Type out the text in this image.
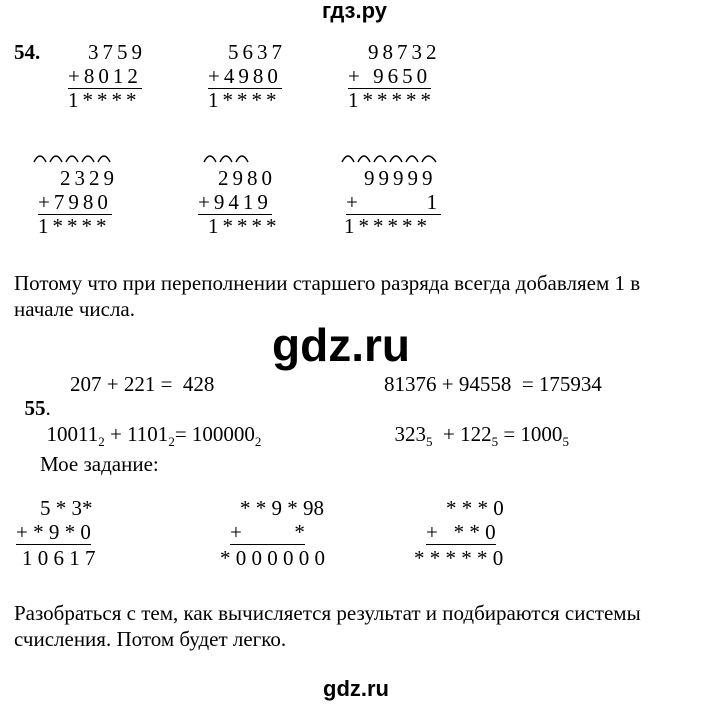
гдз.ру
gdz.ru
gdz.ru
54. 3759
+8012
1****
5637
+4980
1****
98732
+ 9650
1*****
2329
+7980
1****
2980
+9419
1****
99999
+       1
1*****
Потому что при переполнении старшего разряда всегда добавляем 1 в начале числа.

55.

207 + 221 =  428	81376 + 94558  = 175934

$10011_2 + 1101_2= 100000_2$	$323_5 + 122_5 = 1000_5$

Мое задание:
5 * 3*
+ * 9 * 0
1 0 6 1 7
* * 9 * 98
+          *
* 0 0 0 0 0 0
* * * 0
+   * * 0
* * * * * 0
Разобраться с тем, как вычисляется результат и подбираются системы счисления. Потом будет легко.
